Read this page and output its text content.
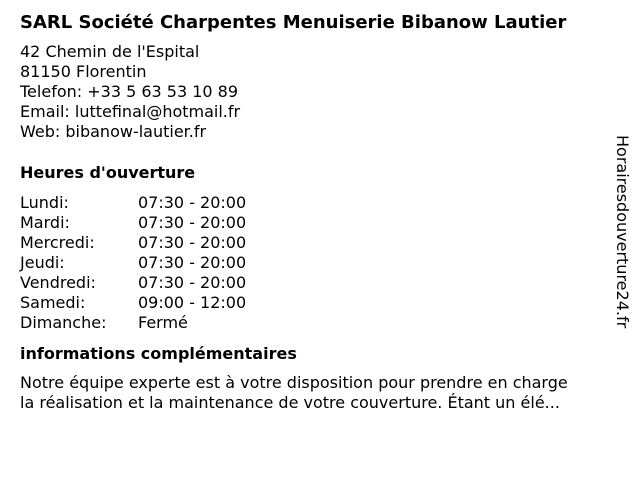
SARL Société Charpentes Menuiserie Bibanow Lautier
42 Chemin de l'Espital
81150 Florentin
Telefon: +33 5 63 53 10 89
Email: luttefinal@hotmail.fr
Web: bibanow-lautier.fr
Heures d'ouverture
Lundi:	07:30 - 20:00
Mardi:	07:30 - 20:00
Mercredi:	07:30 - 20:00
Jeudi:	07:30 - 20:00
Vendredi:	07:30 - 20:00
Samedi:	09:00 - 12:00
Dimanche:	Fermé
informations complémentaires
Notre équipe experte est à votre disposition pour prendre en charge
la réalisation et la maintenance de votre couverture. Étant un élé...
Horairesdouverture24.fr
